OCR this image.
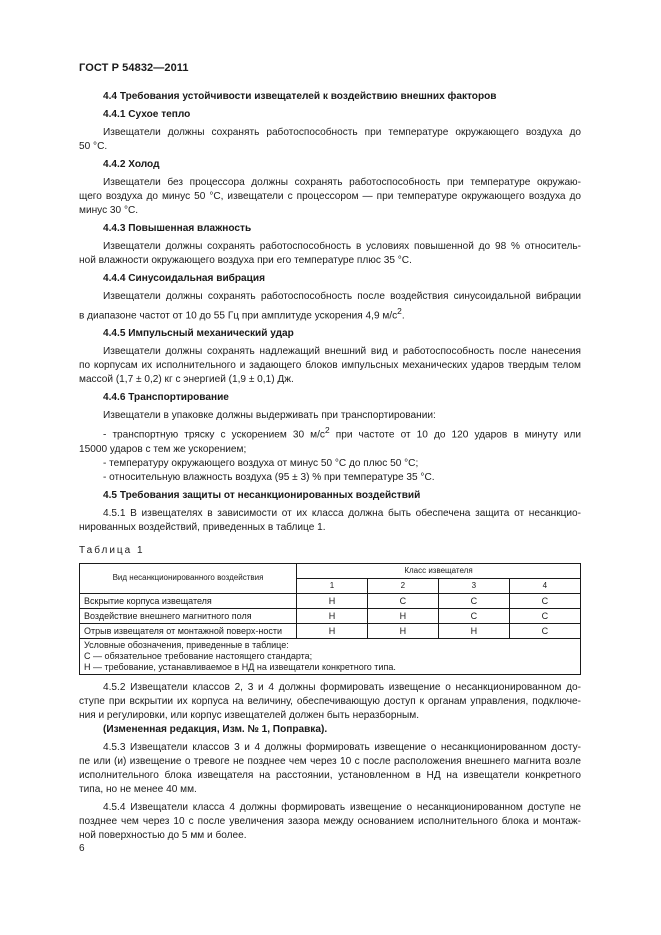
ГОСТ Р 54832—2011
4.4 Требования устойчивости извещателей к воздействию внешних факторов
4.4.1 Сухое тепло
Извещатели должны сохранять работоспособность при температуре окружающего воздуха до
50 °С.
4.4.2 Холод
Извещатели без процессора должны сохранять работоспособность при температуре окружаю-
щего воздуха до минус 50 °С, извещатели с процессором — при температуре окружающего воздуха до
минус 30 °С.
4.4.3 Повышенная влажность
Извещатели должны сохранять работоспособность в условиях повышенной до 98 % относитель-
ной влажности окружающего воздуха при его температуре плюс 35 °С.
4.4.4 Синусоидальная вибрация
Извещатели должны сохранять работоспособность после воздействия синусоидальной вибрации
в диапазоне частот от 10 до 55 Гц при амплитуде ускорения 4,9 $м/с^2$.
4.4.5 Импульсный механический удар
Извещатели должны сохранять надлежащий внешний вид и работоспособность после нанесения
по корпусам их исполнительного и задающего блоков импульсных механических ударов твердым телом
массой (1,7 ± 0,2) кг с энергией (1,9 ± 0,1) Дж.
4.4.6 Транспортирование
Извещатели в упаковке должны выдерживать при транспортировании:
- транспортную тряску с ускорением 30 $м/с^2$ при частоте от 10 до 120 ударов в минуту или
15000 ударов с тем же ускорением;
- температуру окружающего воздуха от минус 50 °С до плюс 50 °С;
- относительную влажность воздуха (95 ± 3) % при температуре 35 °С.
4.5 Требования защиты от несанкционированных воздействий
4.5.1 В извещателях в зависимости от их класса должна быть обеспечена защита от несанкцио-
нированных воздействий, приведенных в таблице 1.
Таблица 1
Вид несанкционированного воздействия	Класс извещателя			
	1	2	3	4
Вскрытие корпуса извещателя	Н	С	С	С
Воздействие внешнего магнитного поля	Н	Н	С	С
Отрыв извещателя от монтажной поверх-ности	Н	Н	Н	С

Условные обозначения, приведенные в таблице:
С — обязательное требование настоящего стандарта;
Н — требование, устанавливаемое в НД на извещатели конкретного типа.				
4.5.2 Извещатели классов 2, 3 и 4 должны формировать извещение о несанкционированном до-
ступе при вскрытии их корпуса на величину, обеспечивающую доступ к органам управления, подключе-
ния и регулировки, или корпус извещателей должен быть неразборным.
(Измененная редакция, Изм. № 1, Поправка).
4.5.3 Извещатели классов 3 и 4 должны формировать извещение о несанкционированном досту-
пе или (и) извещение о тревоге не позднее чем через 10 с после расположения внешнего магнита возле
исполнительного блока извещателя на расстоянии, установленном в НД на извещатели конкретного
типа, но не менее 40 мм.
4.5.4 Извещатели класса 4 должны формировать извещение о несанкционированном доступе не
позднее чем через 10 с после увеличения зазора между основанием исполнительного блока и монтаж-
ной поверхностью до 5 мм и более.
6
